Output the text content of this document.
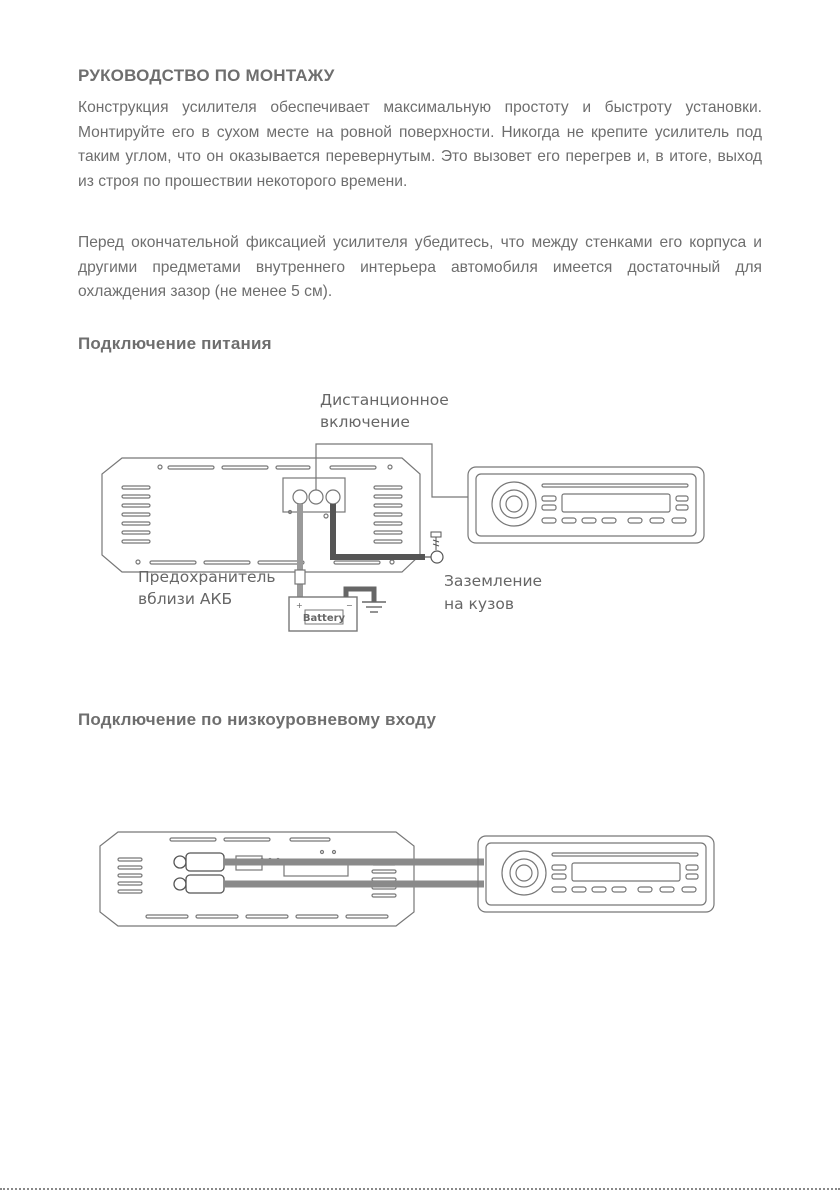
РУКОВОДСТВО ПО МОНТАЖУ

Конструкция усилителя обеспечивает максимальную простоту и быстроту установки. Монтируйте его в сухом месте на ровной поверхности. Никогда не крепите усилитель под таким углом, что он оказывается перевернутым. Это вызовет его перегрев и, в итоге, выход из строя по прошествии некоторого времени.

Перед окончательной фиксацией усилителя убедитесь, что между стенками его корпуса и другими предметами внутреннего интерьера автомобиля имеется достаточный для охлаждения зазор (не менее 5 см).

Подключение питания
Battery
+	−
Дистанционное
включение
Предохранитель
вблизи АКБ
Заземление
на кузов
Подключение по низкоуровневому входу
